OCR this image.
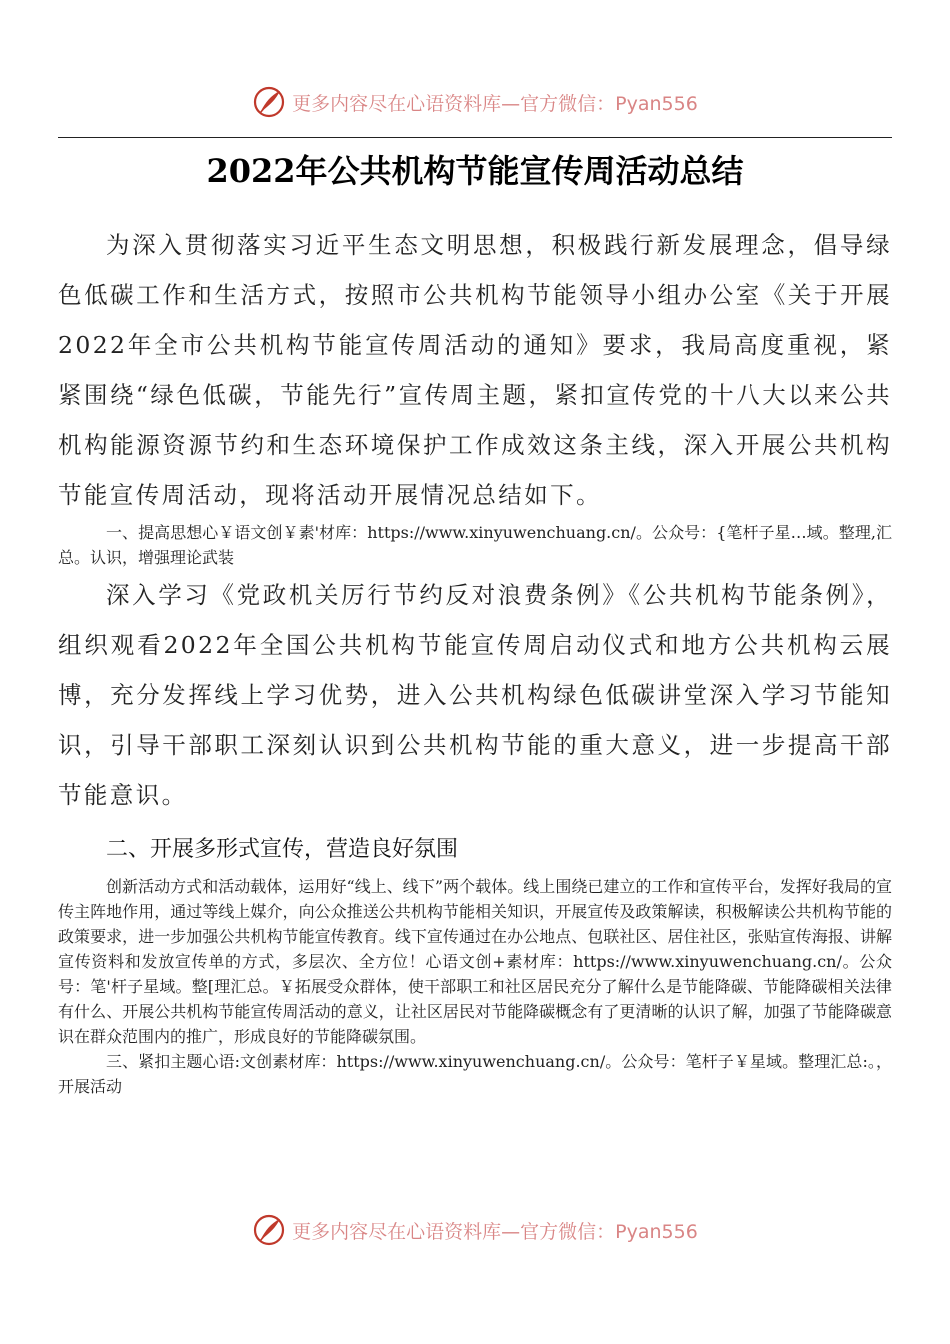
更多内容尽在心语资料库—官方微信：Pyan556
2022年公共机构节能宣传周活动总结

为深入贯彻落实习近平生态文明思想，积极践行新发展理念，倡导绿色低碳工作和生活方式，按照市公共机构节能领导小组办公室《关于开展2022年全市公共机构节能宣传周活动的通知》要求，我局高度重视，紧紧围绕“绿色低碳，节能先行”宣传周主题，紧扣宣传党的十八大以来公共机构能源资源节约和生态环境保护工作成效这条主线，深入开展公共机构节能宣传周活动，现将活动开展情况总结如下。

一、提高思想心￥语文创￥素'材库：https://www.xinyuwenchuang.cn/。公众号：{笔杆子星…域。整理,汇总。认识，增强理论武装

深入学习《党政机关厉行节约反对浪费条例》《公共机构节能条例》，组织观看2022年全国公共机构节能宣传周启动仪式和地方公共机构云展博，充分发挥线上学习优势，进入公共机构绿色低碳讲堂深入学习节能知识，引导干部职工深刻认识到公共机构节能的重大意义，进一步提高干部节能意识。

二、开展多形式宣传，营造良好氛围

创新活动方式和活动载体，运用好“线上、线下”两个载体。线上围绕已建立的工作和宣传平台，发挥好我局的宣传主阵地作用，通过等线上媒介，向公众推送公共机构节能相关知识，开展宣传及政策解读，积极解读公共机构节能的政策要求，进一步加强公共机构节能宣传教育。线下宣传通过在办公地点、包联社区、居住社区，张贴宣传海报、讲解宣传资料和发放宣传单的方式，多层次、全方位！心语文创+素材库：https://www.xinyuwenchuang.cn/。公众号：笔'杆子星域。整[理汇总。￥拓展受众群体，使干部职工和社区居民充分了解什么是节能降碳、节能降碳相关法律有什么、开展公共机构节能宣传周活动的意义，让社区居民对节能降碳概念有了更清晰的认识了解，加强了节能降碳意识在群众范围内的推广，形成良好的节能降碳氛围。

三、紧扣主题心语:文创素材库：https://www.xinyuwenchuang.cn/。公众号：笔杆子￥星域。整理汇总:。，开展活动

更多内容尽在心语资料库—官方微信：Pyan556
